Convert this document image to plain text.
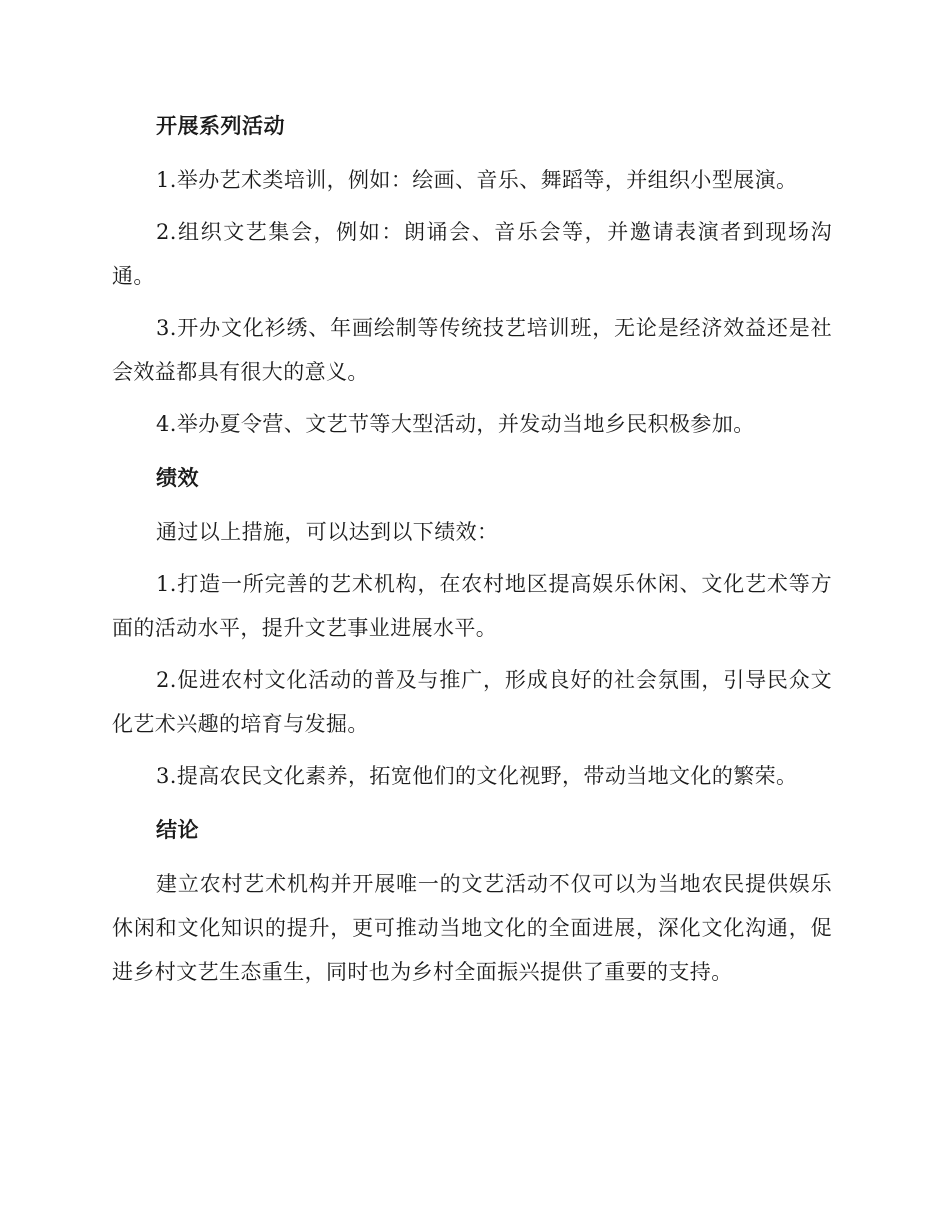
开展系列活动

1.举办艺术类培训，例如：绘画、音乐、舞蹈等，并组织小型展演。

2.组织文艺集会，例如：朗诵会、音乐会等，并邀请表演者到现场沟通。

3.开办文化衫绣、年画绘制等传统技艺培训班，无论是经济效益还是社会效益都具有很大的意义。

4.举办夏令营、文艺节等大型活动，并发动当地乡民积极参加。

绩效

通过以上措施，可以达到以下绩效：

1.打造一所完善的艺术机构，在农村地区提高娱乐休闲、文化艺术等方面的活动水平，提升文艺事业进展水平。

2.促进农村文化活动的普及与推广，形成良好的社会氛围，引导民众文化艺术兴趣的培育与发掘。

3.提高农民文化素养，拓宽他们的文化视野，带动当地文化的繁荣。

结论

建立农村艺术机构并开展唯一的文艺活动不仅可以为当地农民提供娱乐休闲和文化知识的提升，更可推动当地文化的全面进展，深化文化沟通，促进乡村文艺生态重生，同时也为乡村全面振兴提供了重要的支持。
